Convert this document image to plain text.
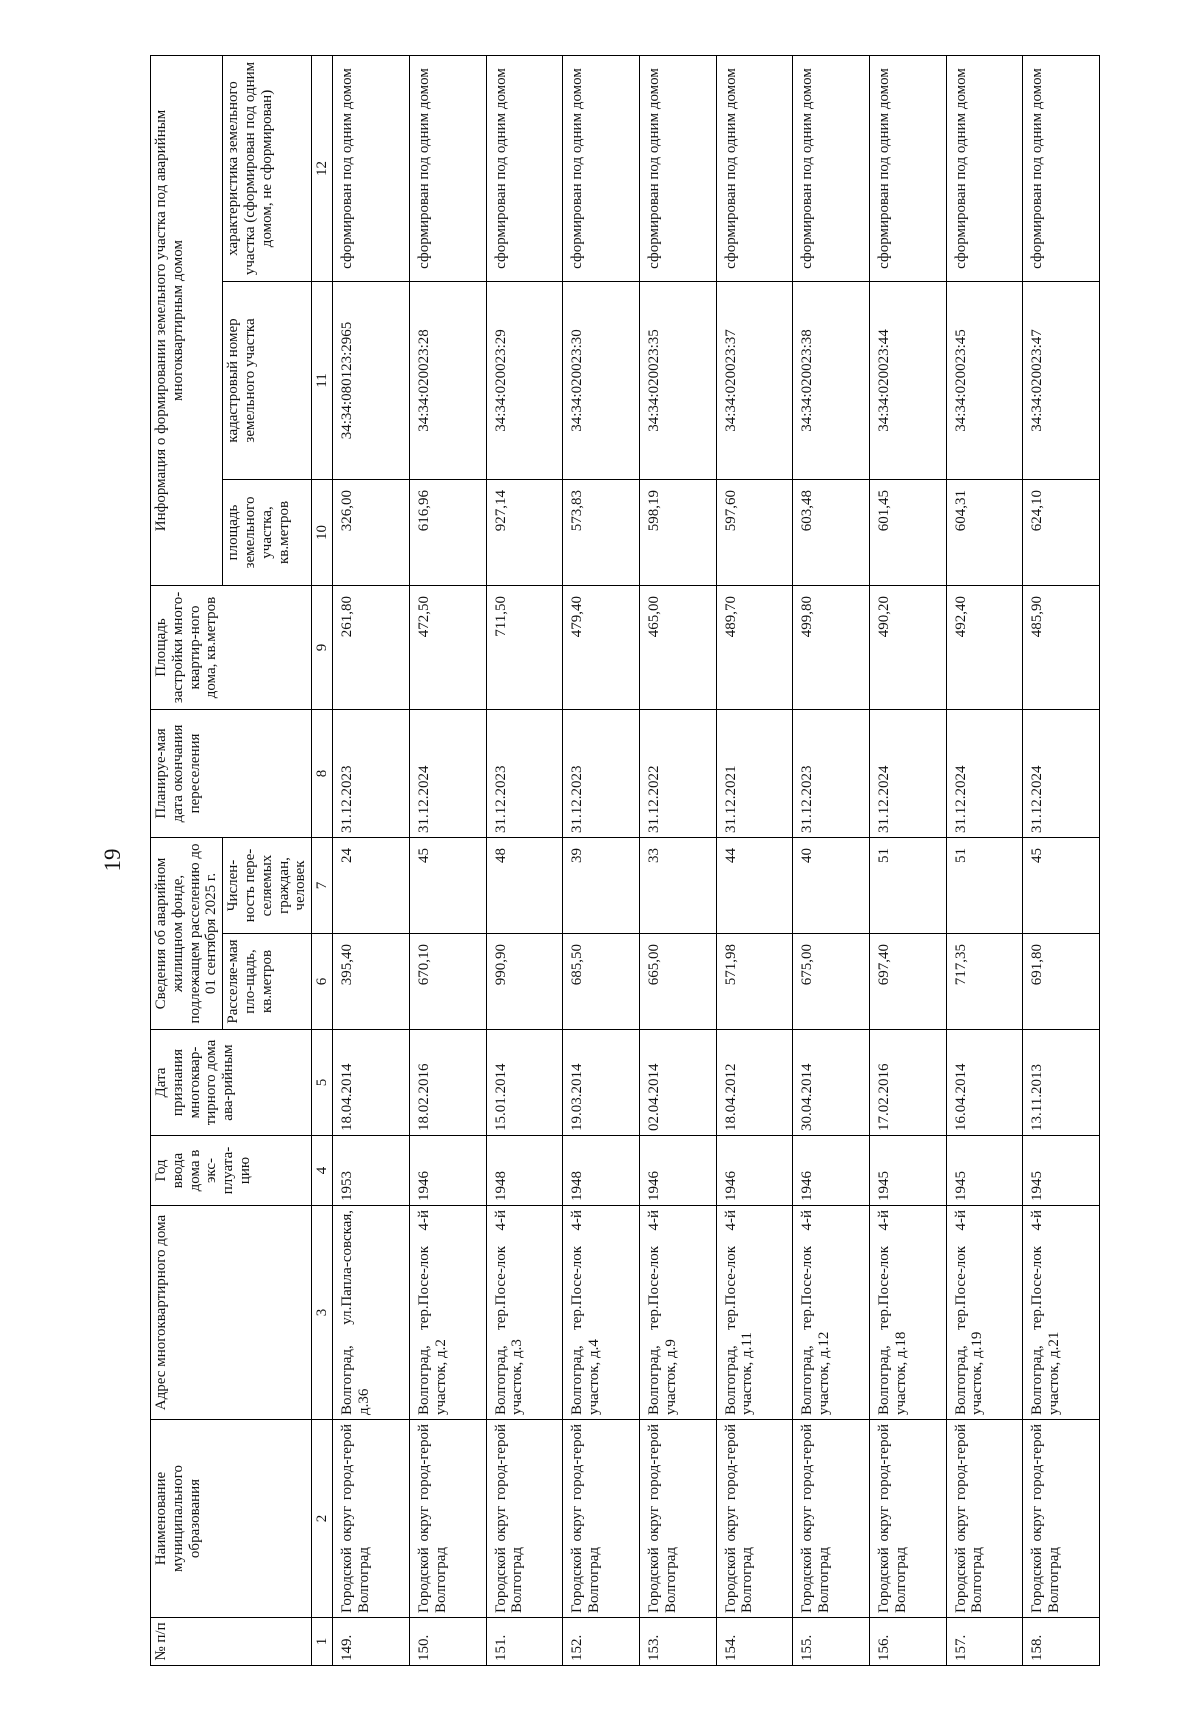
19
№ п/п	Наименование муниципального образования	Адрес многоквартирного дома	Год ввода дома в экс-плуата-цию	Дата признания многоквар-тирного дома ава-рийным	Сведения об аварийном жилищном фонде, подлежащем расселению до 01 сентября 2025 г.		Планируе-мая дата окончания переселения	Площадь застройки много-квартир-ного дома, кв.метров	Информация о формировании земельного участка под аварийным многоквартирным домом		
					Расселяе-мая пло-щадь, кв.метров	Числен-ность пере-селяемых граждан, человек			площадь земельного участка, кв.метров	кадастровый номер земельного участка	характеристика земельного участка (сформирован под одним домом, не сформирован)
1	2	3	4	5	6	7	8	9	10	11	12
149.	Городской округ город-герой Волгоград	Волгоград, ул.Папла-совская, д.36	1953	18.04.2014	395,40	24	31.12.2023	261,80	326,00	34:34:080123:2965	сформирован под одним домом
150.	Городской округ город-герой Волгоград	Волгоград, тер.Посе-лок 4-й участок, д.2	1946	18.02.2016	670,10	45	31.12.2024	472,50	616,96	34:34:020023:28	сформирован под одним домом
151.	Городской округ город-герой Волгоград	Волгоград, тер.Посе-лок 4-й участок, д.3	1948	15.01.2014	990,90	48	31.12.2023	711,50	927,14	34:34:020023:29	сформирован под одним домом
152.	Городской округ город-герой Волгоград	Волгоград, тер.Посе-лок 4-й участок, д.4	1948	19.03.2014	685,50	39	31.12.2023	479,40	573,83	34:34:020023:30	сформирован под одним домом
153.	Городской округ город-герой Волгоград	Волгоград, тер.Посе-лок 4-й участок, д.9	1946	02.04.2014	665,00	33	31.12.2022	465,00	598,19	34:34:020023:35	сформирован под одним домом
154.	Городской округ город-герой Волгоград	Волгоград, тер.Посе-лок 4-й участок, д.11	1946	18.04.2012	571,98	44	31.12.2021	489,70	597,60	34:34:020023:37	сформирован под одним домом
155.	Городской округ город-герой Волгоград	Волгоград, тер.Посе-лок 4-й участок, д.12	1946	30.04.2014	675,00	40	31.12.2023	499,80	603,48	34:34:020023:38	сформирован под одним домом
156.	Городской округ город-герой Волгоград	Волгоград, тер.Посе-лок 4-й участок, д.18	1945	17.02.2016	697,40	51	31.12.2024	490,20	601,45	34:34:020023:44	сформирован под одним домом
157.	Городской округ город-герой Волгоград	Волгоград, тер.Посе-лок 4-й участок, д.19	1945	16.04.2014	717,35	51	31.12.2024	492,40	604,31	34:34:020023:45	сформирован под одним домом
158.	Городской округ город-герой Волгоград	Волгоград, тер.Посе-лок 4-й участок, д.21	1945	13.11.2013	691,80	45	31.12.2024	485,90	624,10	34:34:020023:47	сформирован под одним домом
